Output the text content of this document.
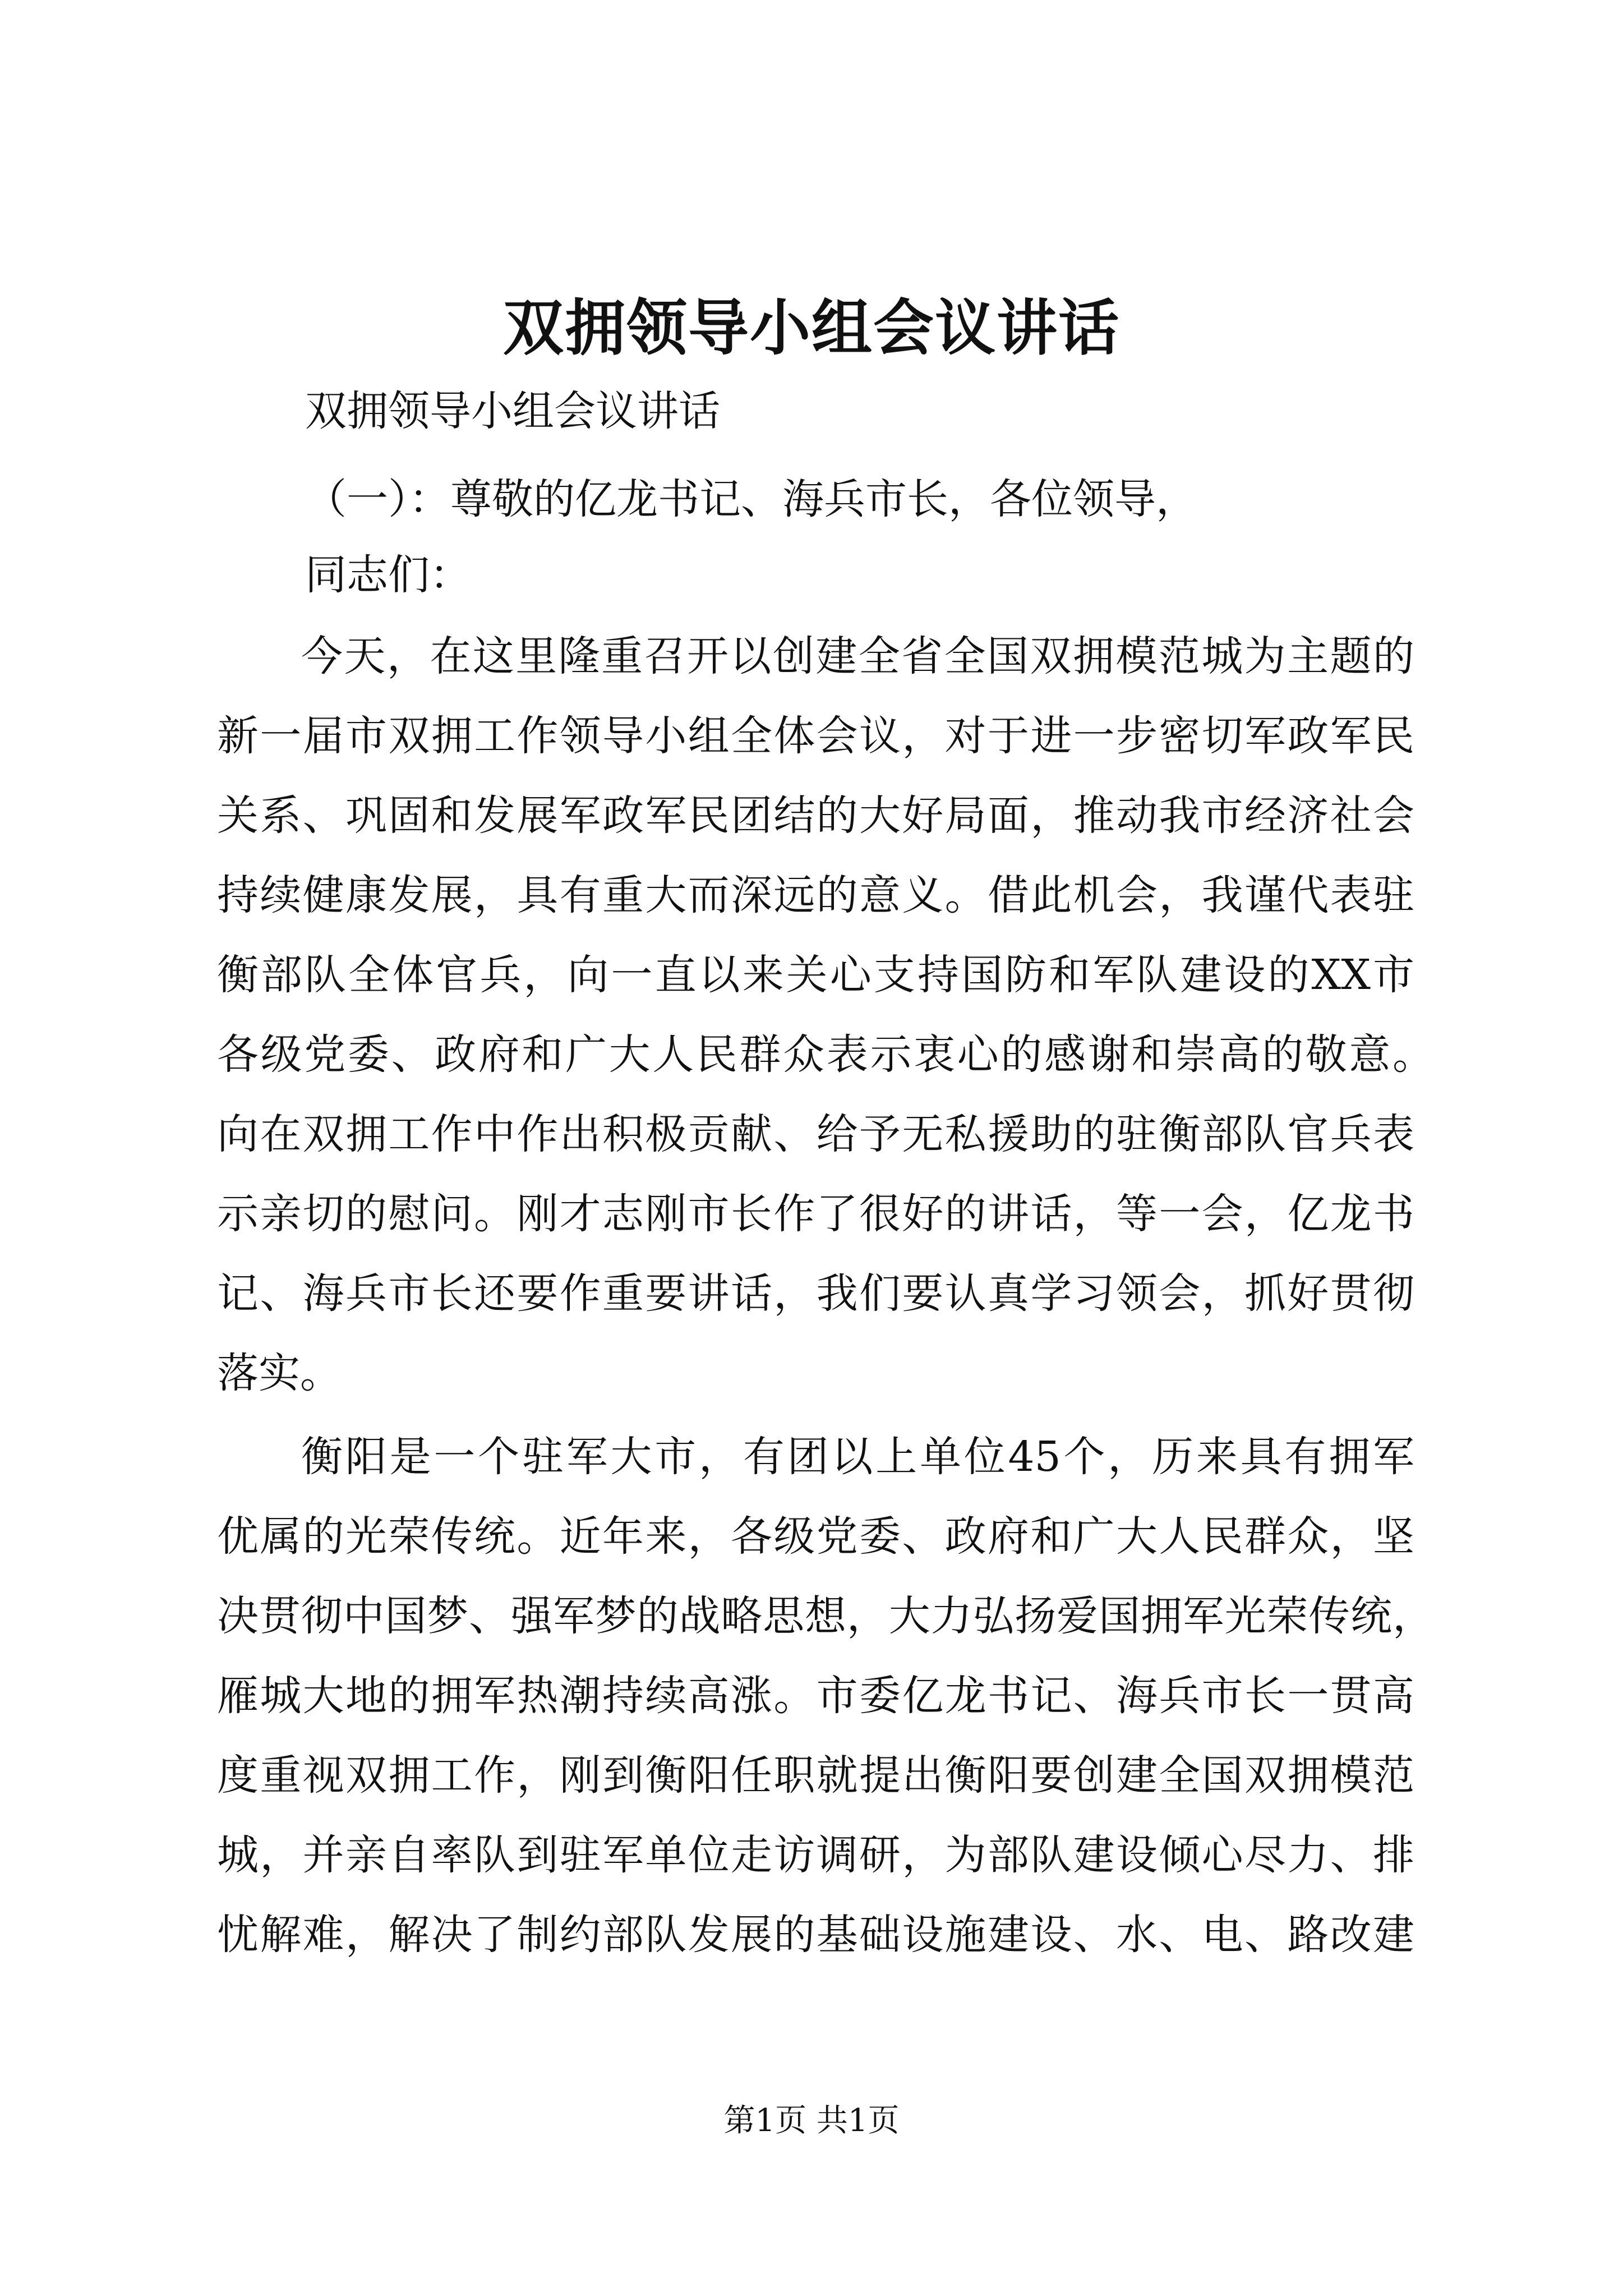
双拥领导小组会议讲话
双拥领导小组会议讲话
（一）：尊敬的亿龙书记、海兵市长，各位领导，
同志们：
今天，在这里隆重召开以创建全省全国双拥模范城为主题的
新一届市双拥工作领导小组全体会议，对于进一步密切军政军民
关系、巩固和发展军政军民团结的大好局面，推动我市经济社会
持续健康发展，具有重大而深远的意义。借此机会，我谨代表驻
衡部队全体官兵，向一直以来关心支持国防和军队建设的XX市
各级党委、政府和广大人民群众表示衷心的感谢和崇高的敬意。
向在双拥工作中作出积极贡献、给予无私援助的驻衡部队官兵表
示亲切的慰问。刚才志刚市长作了很好的讲话，等一会，亿龙书
记、海兵市长还要作重要讲话，我们要认真学习领会，抓好贯彻
落实。
衡阳是一个驻军大市，有团以上单位45个，历来具有拥军
优属的光荣传统。近年来，各级党委、政府和广大人民群众，坚
决贯彻中国梦、强军梦的战略思想，大力弘扬爱国拥军光荣传统，
雁城大地的拥军热潮持续高涨。市委亿龙书记、海兵市长一贯高
度重视双拥工作，刚到衡阳任职就提出衡阳要创建全国双拥模范
城，并亲自率队到驻军单位走访调研，为部队建设倾心尽力、排
忧解难，解决了制约部队发展的基础设施建设、水、电、路改建
第1页 共1页
